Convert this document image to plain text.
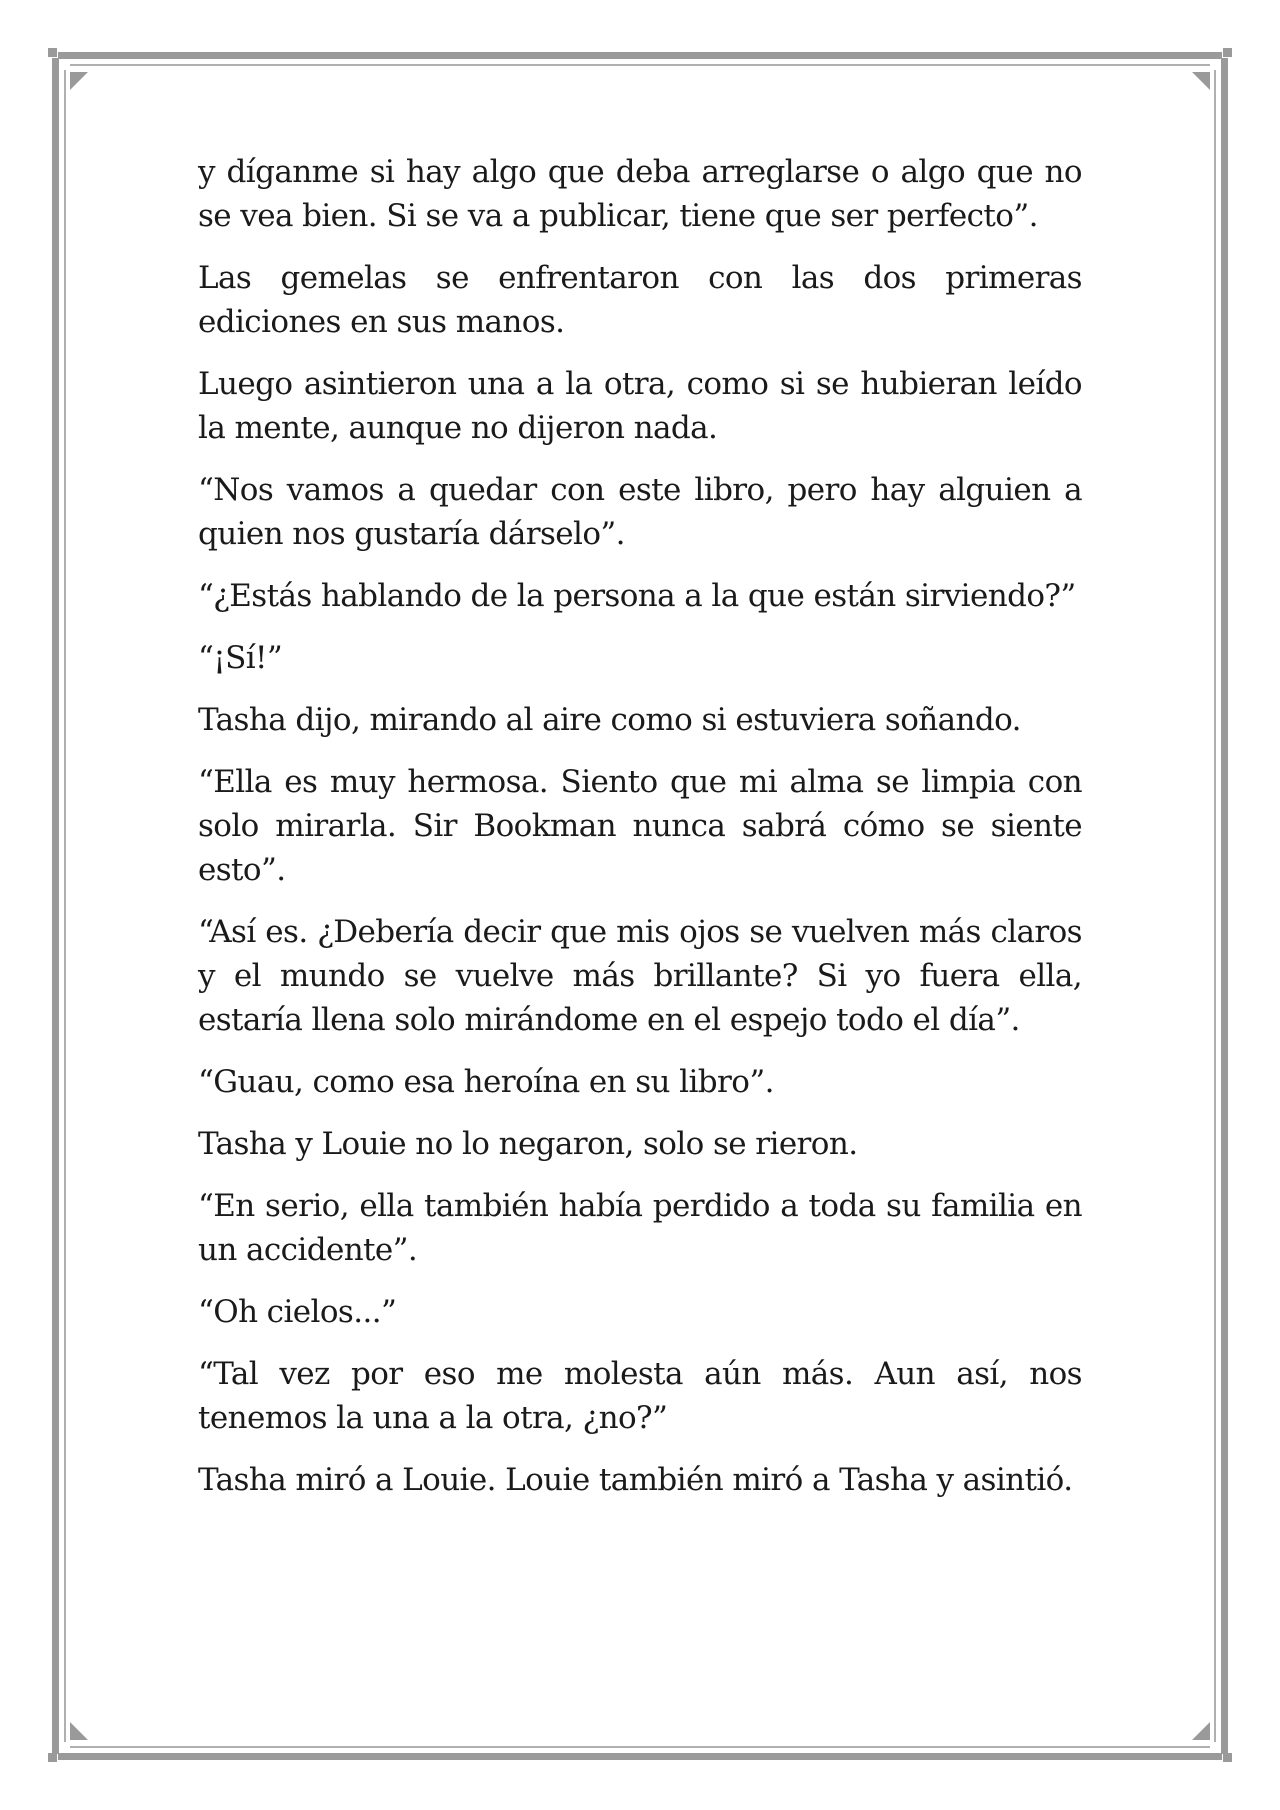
y díganme si hay algo que deba arreglarse o algo que no se vea bien. Si se va a publicar, tiene que ser perfecto”.

Las gemelas se enfrentaron con las dos primeras ediciones en sus manos.

Luego asintieron una a la otra, como si se hubieran leído la mente, aunque no dijeron nada.

“Nos vamos a quedar con este libro, pero hay alguien a quien nos gustaría dárselo”.

“¿Estás hablando de la persona a la que están sirviendo?”

“¡Sí!”

Tasha dijo, mirando al aire como si estuviera soñando.

“Ella es muy hermosa. Siento que mi alma se limpia con solo mirarla. Sir Bookman nunca sabrá cómo se siente esto”.

“Así es. ¿Debería decir que mis ojos se vuelven más claros y el mundo se vuelve más brillante? Si yo fuera ella, estaría llena solo mirándome en el espejo todo el día”.

“Guau, como esa heroína en su libro”.

Tasha y Louie no lo negaron, solo se rieron.

“En serio, ella también había perdido a toda su familia en un accidente”.

“Oh cielos...”

“Tal vez por eso me molesta aún más. Aun así, nos tenemos la una a la otra, ¿no?”

Tasha miró a Louie. Louie también miró a Tasha y asintió.
